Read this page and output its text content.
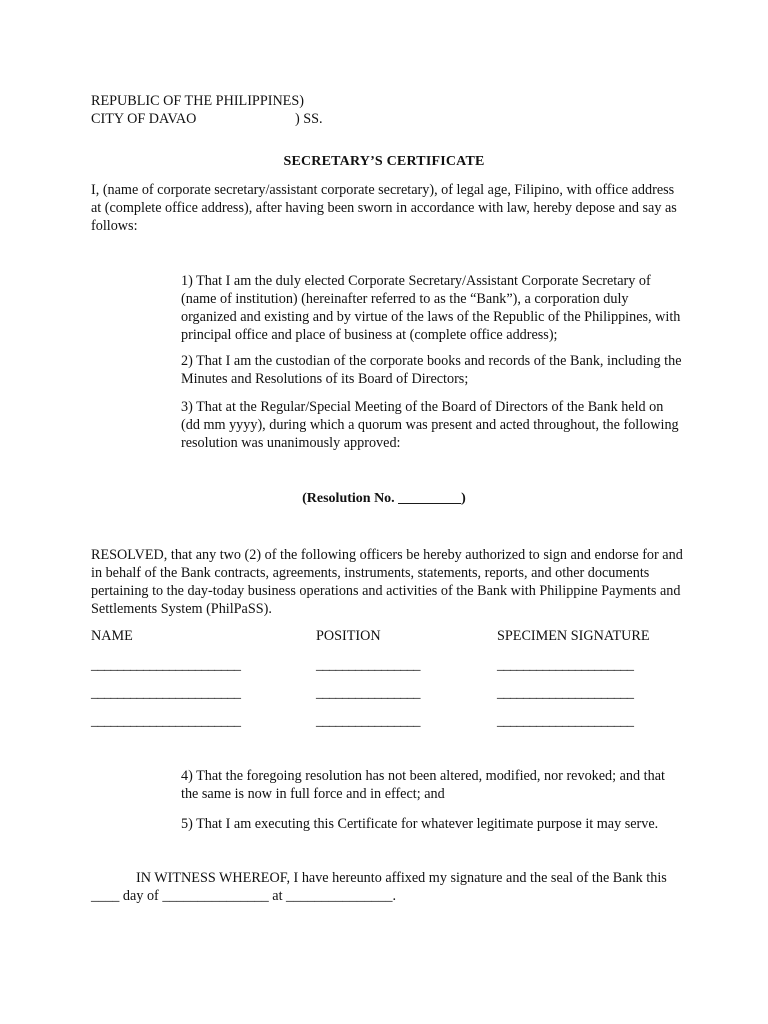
REPUBLIC OF THE PHILIPPINES)
CITY OF DAVAO	) SS.
SECRETARY’S CERTIFICATE
I, (name of corporate secretary/assistant corporate secretary), of legal age, Filipino, with office address at (complete office address), after having been sworn in accordance with law, hereby depose and say as follows:
1) That I am the duly elected Corporate Secretary/Assistant Corporate Secretary of (name of institution) (hereinafter referred to as the “Bank”), a corporation duly organized and existing and by virtue of the laws of the Republic of the Philippines, with principal office and place of business at (complete office address);
2) That I am the custodian of the corporate books and records of the Bank, including the Minutes and Resolutions of its Board of Directors;
3) That at the Regular/Special Meeting of the Board of Directors of the Bank held on (dd mm yyyy), during which a quorum was present and acted throughout, the following resolution was unanimously approved:
(Resolution No. _________)
RESOLVED, that any two (2) of the following officers be hereby authorized to sign and endorse for and in behalf of the Bank contracts, agreements, instruments, statements, reports, and other documents pertaining to the day-today business operations and activities of the Bank with Philippine Payments and Settlements System (PhilPaSS).
NAME	POSITION	SPECIMEN SIGNATURE
_______________________	________________	_____________________
_______________________	________________	_____________________
_______________________	________________	_____________________
4) That the foregoing resolution has not been altered, modified, nor revoked; and that the same is now in full force and in effect; and
5) That I am executing this Certificate for whatever legitimate purpose it may serve.
IN WITNESS WHEREOF, I have hereunto affixed my signature and the seal of the Bank this
____ day of _______________ at _______________.
